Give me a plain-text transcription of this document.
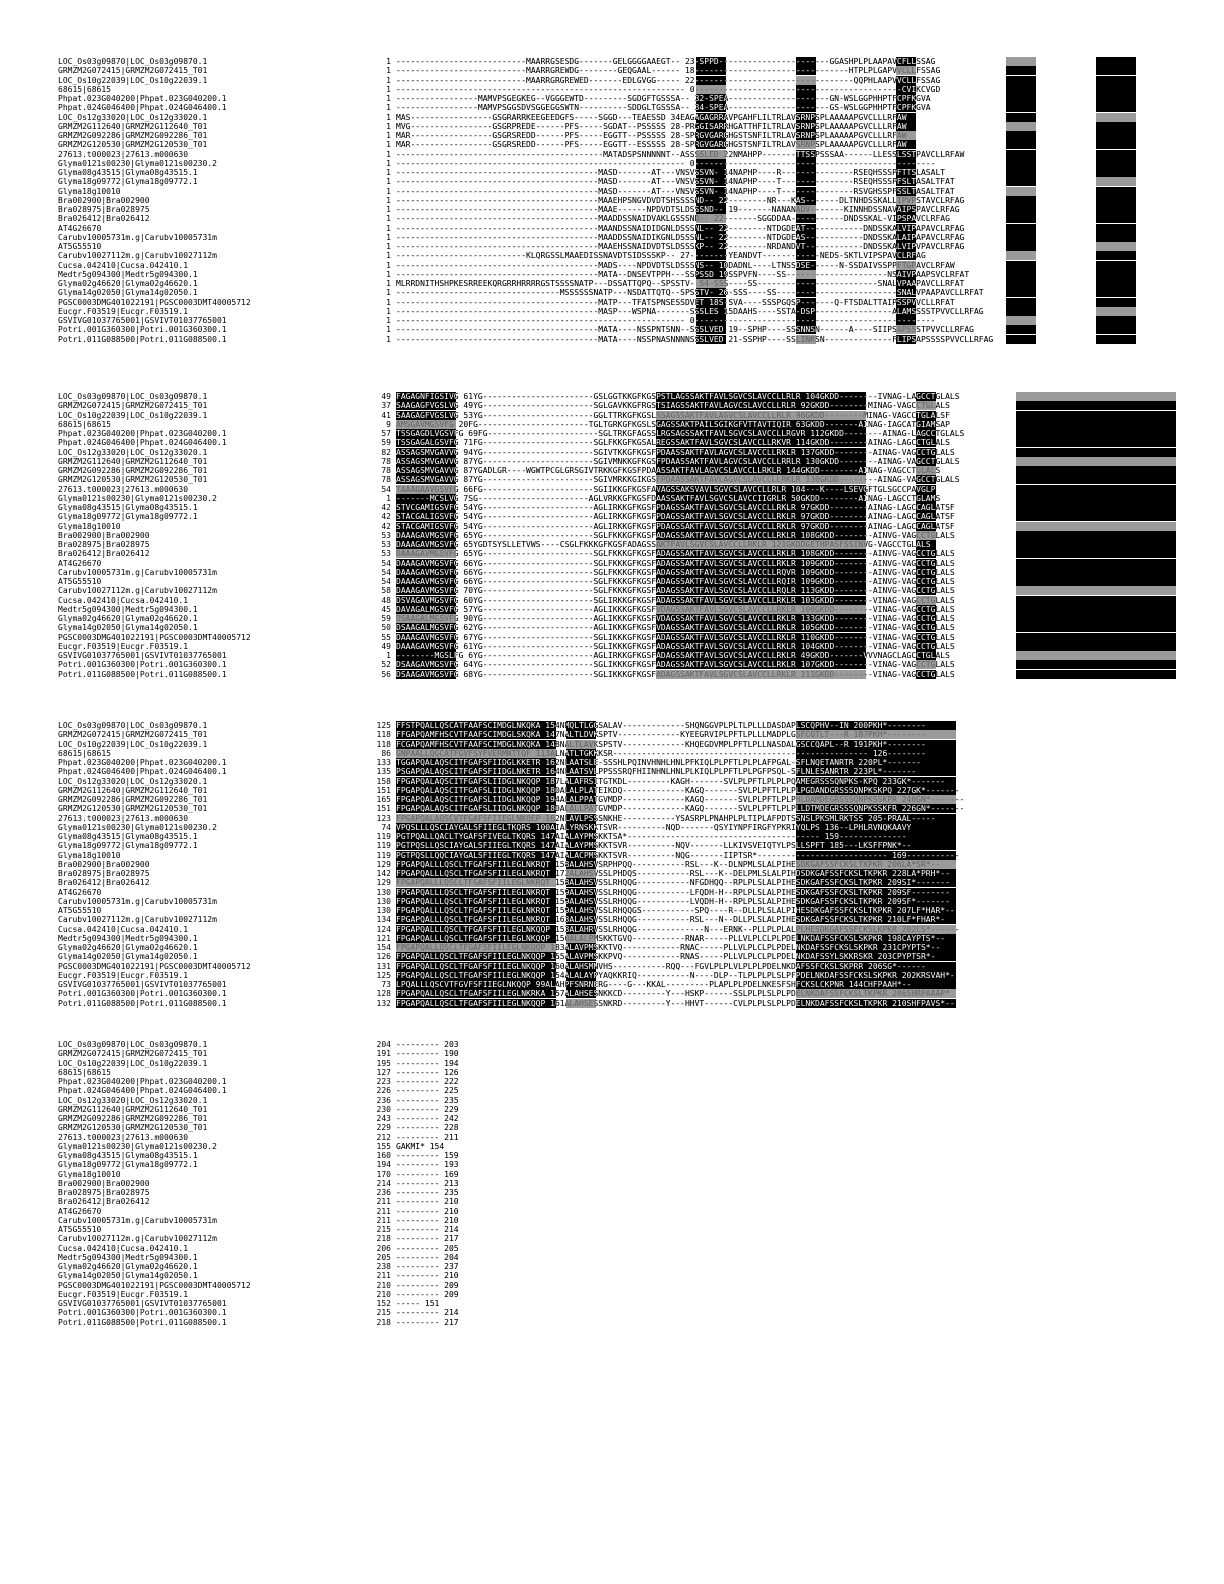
LOC_Os03g09870|LOC_Os03g09870.1	1 ---------------------------MAARRGSESDG-------GELGGGGAAEGT-- 23-SPPD-----------------------GGASHPLPLAAPAVCFLLSSAG
GRMZM2G072415|GRMZM2G072415_T01	1 ---------------------------MAARRGREWDG--------GEQGAAL------ 18--------------------------------HTPLPLGAPVVCLLFSSAG
LOC_Os10g22039|LOC_Os10g22039.1	1 ---------------------------MAARRGRGREWED-------EDLGVGG----- 22---------------------------------QQPHLAAPVVCLLFSSAG
68615|68615	1 ------------------------------------------------------------ 0-------------------------------------------CVIKCVGD
Phpat.023G040200|Phpat.023G040200.1	1 -----------------MAMVPSGEGKEG--VGGGEWTD---------SGDGFTGSSSA-- 32-SPEA---------------------GN-WSLGGPHHPTFCPFKGVA
Phpat.024G046400|Phpat.024G046400.1	1 -----------------MAMVPSGGSDVSGGEGGSWTN----------SDDGLTGSSSA-- 34-SPEA---------------------GS-WSLGGPHHPTFCPFKGVA
LOC_Os12g33020|LOC_Os12g33020.1	1 MAS-----------------GSGRARRKEEGEEDGFS-----SGGD---TEAESSD 34EAGAGAGRRAVPGAHFLILTRLAVSRNPSPLAAAAAPGVCLLLRFAW
GRMZM2G112640|GRMZM2G112640_T01	1 MVG-----------------GSGRPREDE------PFS-----SGDAT--PSSSSS 28-PRGGISARRHGATTHFILTRLAVSRNPSPLAAAAAPGVCLLLRFAW
GRMZM2G092286|GRMZM2G092286_T01	1 MAR-----------------GSGRSREDD------PFS-----EGGTT--PSSSSS 28-SPRGVGARGHGSTSNFILTRLAVSRNPSPLAAAAAPGVCLLLRFAW
GRMZM2G120530|GRMZM2G120530_T01	1 MAR-----------------GSGRSREDD------PFS-----EGGTT--ESSSSS 28-SPRGVGARGHGSTSNFILTRLAVSRNPSPLAAAAAPGVCLLLRFAW
27613.t000023|27613.m000630	1 -------------------------------------------MATADSPSNNNNNT--ASSSSLED 22NMAHPP-------TTSSPSSSAA------LLESSLSSTPAVCLLRFAW
Glyma0121s00230|Glyma0121s00230.2	1 ------------------------------------------------------------ 0--------------------------------------------------
Glyma08g43515|Glyma08g43515.1	1 ------------------------------------------MASD-------AT---VNSVSSVN- 14NAPHP----R---------------RSEQHSSSPFTTSLASALT
Glyma18g09772|Glyma18g09772.1	1 ------------------------------------------MASD-------AT---VNSVSSVN- 14NAPHP----T---------------RSEQHSSSPFSLTASALTFAT
Glyma18g10010	1 ------------------------------------------MASD-------AT---VNSVSSVN- 14NAPHP----T---------------RSVGHSSPFSSLTASALTFAT
Bra002900|Bra002900	1 ------------------------------------------MAAEHPSNGVDVDTSHSSSSND-- 22--------NR---KAS-------DLTNHDSSKALLIPVPSTAVCLRFAG
Bra028975|Bra028975	1 ------------------------------------------MAAE------NPDVDTSLDSSSND-- 19-------NANANADV-------KINNHDSSNAVAIPSPAVCLRFAG
Bra026412|Bra026412	1 ------------------------------------------MAADDSSNAIDVAKLGSSSND-- 22-------SGGDDAA-----------DNDSSKAL-VIPSPAVCLRFAG
AT4G26670	1 ------------------------------------------MAANDSSNAIDIDGNLDSSSNL-- 22--------NTDGDEAT------------DNDSSKALVIPAPAVCLRFAG
Carubv10005731m.g|Carubv10005731m	1 ------------------------------------------MAADDSSNAIDIKGNLDSSSNL-- 22--------NTDGDEAS------------DNDSSKALAIPAPAVCLRFAG
AT5G55510	1 ------------------------------------------MAAEHSSNAIDVDTSLDSSSKP-- 22--------NRDANDVT------------DNDSSKALVIPVPAVCLRFAG
Carubv10027112m.g|Carubv10027112m	1 ---------------------------KLQRGSSLMAAEDISSNAVDTSIDSSSKP-- 27--------YEANDVT------------NEDS-SKTLVIPSPAVCLRFAG
Cucsa.042410|Cucsa.042410.1	1 ------------------------------------------MADS----NPDVDTSLDSSSNS-- 10DADNL----LTNSSDSE------N-SSDAIVSSPPFTGPAVCLRFAW
Medtr5g094300|Medtr5g094300.1	1 ------------------------------------------MATA--DNSEVTPPH---SSPSSD 19SSPVFN----SS---------------------NSAIVPAAPSVCLRFAT
Glyma02g46620|Glyma02g46620.1	1 MLRRDNITHSHPKESRREEKQRGRRHRRRRGSTSSSSNATP---DSSATTQPQ--SPSSTV- 54-SSS----SS-------------------------SNALVPAAPAVCLLRFAT
Glyma14g02050|Glyma14g02050.1	1 ----------------------------------MSSSSSSNATP---NSDATTQTQ--SPSSTV- 26-SSS----SS-------------------------SNALVPAAPAVCLLRFAT
PGSC0003DMG401022191|PGSC0003DMT40005712	1 ------------------------------------------MATP---TFATSPNSESSDVET 18S-SVA----SSSPGQSP-------Q-FTSDALTTAIPSSPVVCLLRFAT
Eucgr.F03519|Eucgr.F03519.1	1 ------------------------------------------MASP---WSPNA-------SSSLES 15DAAHS----SSTA-DSP----------------ALAMSSSSTPVVCLLRFAG
GSVIVG01037765001|GSVIVT01037765001	1 ------------------------------------------------------------ 0--------------------------------------------------
Potri.001G360300|Potri.001G360300.1	1 ------------------------------------------MATA----NSSPNTSNN--SSSLVED 19--SPHP----SSSNNSN------A----SIIPSAPSSSTPVVCLLRFAG
Potri.011G088500|Potri.011G088500.1	1 ------------------------------------------MATA----NSSPNASNNNNSSSLVED 21-SSPHP----SSLINKSN--------------FLIPSAPSSSSPVVCLLRFAG
LOC_Os03g09870|LOC_Os03g09870.1	49 FAGAGNFIGSIVG 61YG-----------------------GSLGGTKKGFKGSPSTLAGSSAKTFAVLSGVCSLAVCCLLRLR 104GKDD--------IVNAG-LAGCCTGLALS
GRMZM2G072415|GRMZM2G072415_T01	37 SAAGAGFVGSLVG 49YG-----------------------SGLGAVKKGFRGSTSIAGSSAKTFAVLAGVCSLAVCCLLRLR 92GKDD--------MINAG-VAGCCTGLALS
LOC_Os10g22039|LOC_Os10g22039.1	41 SAAGAGFVGSLVG 53YG-----------------------GGLTTRKGFKGSLSSAGSSAKTFAVLAGVCSLAVCCLLRLR 96GKDD--------MINAG-VAGCCTGLALSF
68615|68615	9 AMSGAVMGSVFG 20FG-----------------------TGLTGRKGFKGSLSGAGSSAKTPAILSGIKGFVTTAVTIQIR 63GKDD-------AINAG-IAGCATGIAMSAP
Phpat.023G040200|Phpat.023G040200.1	57 TSSGAGDLVGSVFG 69FG-----------------------SGLTRKGFAGSSLRGSAGSSAKTFAVLSGVCSLAVCCLLRGVR 112GKDD--------AINAG-LAGCCTGLALS
Phpat.024G046400|Phpat.024G046400.1	59 TSSGAGALGSVFG 71FG-----------------------SGLFKKGFKGSALREGSSAKTFAVLSGVCSLAVCCLLRKVR 114GKDD--------AINAG-LAGCCTGLALS
LOC_Os12g33020|LOC_Os12g33020.1	82 ASSAGSMVGAVVG 94YG-----------------------SGIVTKKGFKGSFPDAASSAKTFAVLAGVCSLAVCCLLRKLR 137GKDD--------AINAG-VAGCCTGLALS
GRMZM2G112640|GRMZM2G112640_T01	78 ASSAGSMVGAVVG 87YG-----------------------SGIVMNKKGFKGSFPDAASSAKTFAVLAGVCSLAVCCLLRRLR 130GKDD--------AINAG-VAGCCTGLALS
GRMZM2G092286|GRMZM2G092286_T01	78 ASSAGSMVGAVVG 87YGADLGR----WGWTPCGLGRSGIVTRKKGFKGSFPDAASSAKTFAVLAGVCSLAVCCLLRKLR 144GKDD--------AINAG-VAGCCTGLALS
GRMZM2G120530|GRMZM2G120530_T01	78 ASSAGSMVGAVVG 87YG-----------------------SGIVMRKKGIKGSFPDAASSAKTFAVLAGVCSLAVCCLLRKLR 130GKDD--------AINAG-VAGCCTGLALS
27613.t000023|27613.m000630	54 TAAAGAAVGSVFG 66FG-----------------------SGIIKKGFKGSFAVAGSSAKSVAVLSGVCSLAVCCLLRLR 104---K----LSEVGFTGLSGCCPAVGLP
Glyma0121s00230|Glyma0121s00230.2	1 -------MCSLVG 7SG-----------------------AGLVRKKGFKGSFDAASSAKTFAVLSGVCSLAVCCIIGRLR 50GKDD--------AINAG-LAGCCTGLAMS
Glyma08g43515|Glyma08g43515.1	42 STVCGAMIGSVFG 54YG-----------------------AGLIRKKGFKGSFPDAGSSAKTFAVLSGVCSLAVCCLLRKLR 97GKDD--------AINAG-LAGCCAGLATSF
Glyma18g09772|Glyma18g09772.1	42 STACGALIGSVFG 54YG-----------------------AGLIRKKGFKGSFPDAGSSAKTFAVLSGVCSLAVCCLLRKLR 97GKDD--------AINAG-LAGCCAGLATSF
Glyma18g10010	42 STACGAMIGSVFG 54YG-----------------------AGLIRKKGFKGSFPDAGSSAKTFAVLSGVCSLAVCCLLRKLR 97GKDD--------AINAG-LAGCCAGLATSF
Bra002900|Bra002900	53 DAAAGAVMGSVFG 65YG-----------------------SGLFKKKGFKGSFADAGSSAKTFAVLSGVCSLAVCCLLRKLR 108GKDD--------AINVG-VAGCCTGLALS
Bra028975|Bra028975	53 DAAAGAVMGSVFG 65YGDTSYSLLETVWS----CSGLFKKKGFKGSFADAGSSAKTFAVLSGVCSLAVCCLLRKLR 121GKDDGETHPASFSSINVG-VAGCCTGLALS
Bra026412|Bra026412	53 DAAAGAVMGSVFG 65YG-----------------------SGLFKKKGFKGSFADAGSSAKTFAVLSGVCSLAVCCLLRKLR 108GKDD--------AINVG-VAGCCTGLALS
AT4G26670	54 DAAAGAVMGSVFG 66YG-----------------------SGLFKKKGFKGSFADAGSSAKTFAVLSGVCSLAVCCLLRKLR 109GKDD--------AINVG-VAGCCTGLALS
Carubv10005731m.g|Carubv10005731m	54 DAAAGAVMGSVFG 66YG-----------------------SGLFKKKGFKGSFADAGSSAKTFAVLSGVCSLAVCCLLRQVR 109GKDD--------AINVG-VAGCCTGLALS
AT5G55510	54 DAAAGAVMGSVFG 66YG-----------------------SGLFKKKGFKGSFADAGSSAKTFAVLSGVCSLAVCCLLRQIR 109GKDD--------AINVG-VAGCCTGLALS
Carubv10027112m.g|Carubv10027112m	58 DAAAGAVMGSVFG 70YG-----------------------SGLFKKKGFKGSFADAGSSAKTFAVLSGVCSLAVCCLLRQLR 113GKDD--------AINVG-VAGCCTGLALS
Cucsa.042410|Cucsa.042410.1	48 DSVAGAVMGSVFG 60YG-----------------------SGLIRKKGFKGSFADAGSSAKTFAVLSGVCSLAVCCLLRKLR 103GKDD--------VINAG-VAGCCTGLALS
Medtr5g094300|Medtr5g094300.1	45 DAVAGALMGSVFG 57YG-----------------------AGLIKKKGFKGSFVDAGSSAKTFAVLSGVCSLAVCCLLRKLR 100GKDD--------VINAG-VAGCCTGLALS
Glyma02g46620|Glyma02g46620.1	59 DSAAGALMGSVFG 90YG-----------------------AGLIKKKGFKGSFVDAGSSAKTFAVLSGVCSLAVCCLLRKLR 133GKDD--------VINAG-VAGCCTGLALS
Glyma14g02050|Glyma14g02050.1	50 DSAAGALMGSVFG 62YG-----------------------AGLIKKKGFKGSFVDAGSSAKTFAVLSGVCSLAVCCLLRKLR 105GKDD--------VINAG-VAGCCTGLALS
PGSC0003DMG401022191|PGSC0003DMT40005712	55 DAAAGAVMGSVFG 67YG-----------------------SGLIKKKGFKGSFADAGSSAKTFAVLSGVCSLAVCCLLRKLR 110GKDD--------VINAG-VAGCCTGLALS
Eucgr.F03519|Eucgr.F03519.1	49 DAAAGAVMGSVFG 61YG-----------------------SGLIKKKGFKGSFADAGSSAKTFAVLSGVCSLAVCCLLRKLR 104GKDD--------VINAG-VAGCCTGLALS
GSVIVG01037765001|GSVIVT01037765001	1 --------MGSLFG 6YG-----------------------AGLIRKKGFKGSFADAGSSAKTFAVLSGVCSLAVCCLLRKLR 49GKDD-------VVVNAGCLAGCCTGLALS
Potri.001G360300|Potri.001G360300.1	52 DSAAGAVMGSVFG 64YG-----------------------SGLIKKKGFKGSFADAGSSAKTFAVLSGVCSLAVCCLLRKLR 107GKDD--------VINAG-VAGCCTGLALS
Potri.011G088500|Potri.011G088500.1	56 DSAAGAVMGSVFG 68YG-----------------------SGLIKKKGFKGSFADAGSSAKTFAVLSGVCSLAVCCLLRKLR 111GKDD--------VINAG-VAGCCTGLALS
LOC_Os03g09870|LOC_Os03g09870.1	125 FFSTPQALLQSCATFAAFSCIMDGLNKQKA 154NMQLTLGGSALAV-------------SHQNGGVPLPLTLPLLLDASDAPLSCQPHV--IN 200PKH*--------
GRMZM2G072415|GRMZM2G072415_T01	118 FFGAPQAMFHSCVTFAAFSCIMDGLSKQKA 147NALTLDVKSPTV-------------KYEEGRVIPLPFTLPLLLMADPLGSFCQTLT---R 187PKH*--------
LOC_Os10g22039|LOC_Os10g22039.1	118 FCGAPQAMFHSCVTFAAFSCIMDGLNKQKA 148NALTLAVKSPSTV-------------KHQEGDVMPLPFTLPLLNASDALGSCCQAPL--R 191PKH*--------
68615|68615	86 GNPAALLQGCATFGVFSYFVERMNTTQF 113ALNATLTGKKKSR----------------------------------------------------- 126--------
Phpat.023G040200|Phpat.023G040200.1	133 TGGAPQALAQSCITFGAFSFIIDGLKKETR 162NLAATSLE-SSSHLPQINVHNHLHNLPFKIQLPLPFTLPLPLAFPGAL-SFLNQETANRTR 220PL*-------
Phpat.024G046400|Phpat.024G046400.1	135 PSGAPQALAQSCITFGAFSFIIDGLNKETR 164NLAATSVLPPSSSRQFHIINHNLHNLPLKIQLPLPFTLPLPGFPSQL-SFLNLESANRTR 223PL*-------
LOC_Os12g33020|LOC_Os12g33020.1	158 FPGAPQALAQSCITFGAFSLIIDGLNKQQP 187LALAFRSITGTKDL---------KAGH-------SVLPLPFTLPLPLPQAMEGRSSSQNPKS-KPQ 233GK*-------
GRMZM2G112640|GRMZM2G112640_T01	151 FPGAPQALAQSCITFGAFSLIIDGLNKQQP 180ALALPLATEIKDQ-------------KAGQ-------SVLPLPFTLPLPLPGDANDGRSSSQNPKSKPQ 227GK*-------
GRMZM2G092286|GRMZM2G092286_T01	165 FPGAPQALAQSCITFGAFSLIIDGLNKQQP 194ALALPPATGVMDP-------------KAGQ-------SVLPLPFTLPLPHLDAMDEGRSSSQNPKSSKPR 240GN*-------
GRMZM2G120530|GRMZM2G120530_T01	151 FPGAPQALAQSCITFGAFSLIIDGLNKQQP 180ALALLPATGVMDP-------------KAGQ-------SVLPLPFTLPLPLLDTMDEGRSSSQNPKSSKFR 226GN*-------
27613.t000023|27613.m000630	123 FPGAPQALAQSCVTFGAFSFIIEGLNKQEP 162NLAVLPSSSNKHE-----------YSASRPLPNAHPLPLTIPLAFPDTSSNSLPKSMLRKTSS 205-PRAAL-----
Glyma0121s00230|Glyma0121s00230.2	74 VPQSLLLQSCIAYGALSFIIEGLTKQRS 100AIALYRNSKKTSVR----------NQD-------QSYIYNPFIRGFYPKRIYQLPS 136--LPHLRVNQKAAVY
Glyma08g43515|Glyma08g43515.1	119 PGTPQALLQACLTYGAFSFIVEGLTKQRS 147AIALAYPMSKKTSA*---------------------------------------- 159--------------
Glyma18g09772|Glyma18g09772.1	119 PGTPQSLLQSCIAYGALSFIIEGLTKQRS 147AIALAYPMSKKTSVR----------NQV-------LLKIVSVEIQTYLPSLLSPFT 185---LKSFFPNK*--
Glyma18g10010	119 PGTPQSLLQQCIAYGALSFIIEGLTKQRS 147AIALACPMSKKTSVR----------NQG-------IIPTSR*--------------------------- 169-----------
Bra002900|Bra002900	129 FPGAPQALLLQSCLTFGAFSFIILEGLNKRQT 158ALAHSVSRPHPQQ-----------RSL---K--DLNPMLSLALPIHESDKGAFSSFCKSLTKPKR 206LA*SR*--
Bra028975|Bra028975	142 FPGAPQALLLQSCLTFGAFSFIILEGLNKRQT 172ALAHSVSSLPHDQS-----------RSL---K--DELPMLSLALPIHDSDKGAFSSFCKSLTKPKR 228LA*PRH*--
Bra026412|Bra026412	129 FPGAPQALLLQSCLTFGAFSFIILEGLNKRQT 158ALAHSVSSLRHQQG-----------NFGDHQQ--RPLPLSLALPIHESDKGAFSSFCKSLTKPKR 209SI*-------
AT4G26670	130 FPGAPQALLLQSCLTFGAFSFIILEGLNKRQT 159ALAHSVSSLRHQQG-----------LFQDH-H--RPLPLSLALPIHESDKGAFSSFCKSLTKPKR 209SF--------
Carubv10005731m.g|Carubv10005731m	130 FPGAPQALLLQSCLTFGAFSFIILEGLNKRQT 159ALAHSVSSLRHQQG-----------LVQDH-H--RPLPLSLALPIHESDKGAFSSFCKSLTKPKR 209SF*-------
AT5G55510	130 FPGAPQALLLQSCLTFGAFSFIILEGLNKRQT 159ALAHSVSSLRHQQGS-----------SPQ----R--DLLPLSLALPIHESDKGAFSSFCKSLTKPKR 207LF*HAR*--
Carubv10027112m.g|Carubv10027112m	134 FPGAPQALLLQSCLTFGAFSFIILEGLNKRQT 163ALAHSVSSLRHQQG-----------RSL---N--DLLPLSLALPIHESDKGAFSSFCKSLTKPKR 210LF*FHAR*-
Cucsa.042410|Cucsa.042410.1	124 FPGAPQALLLQSCLTFGAFSFIILEGLNKQQP 153ALAHRVSSLRHQQG--------------N---ERNK--PLLPLPLALPLHESDKGAFSSFCKSLKPKR 202CS*------
Medtr5g094300|Medtr5g094300.1	121 FPGAPQALLLQSCLTFGAFSFIILEGLNKQQP 150ALALPMSKKTGVQ-----------RNAR-----PLLVLPLCLPLPDELNKDAFSSFCKSLSKPKR 198CAYPTS*--
Glyma02g46620|Glyma02g46620.1	154 FPGAPQALLQSCLTFGAFSFIILEGLNKQQP 183ALAVPMSKKTVQ------------RNAC-----PLLVLPLCLPLPDELNKDAFSSFCKSLSKPKR 231CPYPTS*--
Glyma14g02050|Glyma14g02050.1	126 FPGAPQALLQSCLTFGAFSFIILEGLNKQQP 155ALAVPMSKKPVQ------------RNAS-----PLLVLPLCLPLPDELNKDAFSSYLSKKRSKR 203CPYPTSR*-
PGSC0003DMG401022191|PGSC0003DMT40005712	131 FPGAPQALLQSCLTFGAFSFIILEGLNKQQP 160ALAHSMNVHS-----------RQQ---FGVLPLPLVLPLPLPDELNKDAFSSFCKSLSKPRR 206SG*------
Eucgr.F03519|Eucgr.F03519.1	125 FPGAPQALLQSCLTFGAFSFIILEGLNKQQP 154ALALAYPYAQKKRIQ-----------N----DLP--TLPLPLPLSLPFPDELNKDAFSSFCKSLSKPKR 202KRSVAH*-
GSVIVG01037765001|GSVIVT01037765001	73 LPQALLLQSCVTFGVFSFIIEGLNKQQP 99ALAHPFSNRNERG----G---KKAL---------PLAPLPLPDELNKESFSHFCKSLCKPNR 144CHFPAAH*--
Potri.001G360300|Potri.001G360300.1	128 FPGAPQALLQSCLTFGAFSFIILEGLNKRKA 157ALAHSESNKKCD---------Y---HSKP------SSLPLPLSLPLPDELNKDAFSSFCKSLTKPKR 206SHRPAAAP*
Potri.011G088500|Potri.011G088500.1	132 FPGAPQALLQSCLTFGAFSFIILEGLNKQQP 161ALAHSESSNKRD---------Y---HHVT------CVLPLPLSLPLPDELNKDAFSSFCKSLTKPKR 210SHFPAVS*--
LOC_Os03g09870|LOC_Os03g09870.1	204 --------- 203
GRMZM2G072415|GRMZM2G072415_T01	191 --------- 190
LOC_Os10g22039|LOC_Os10g22039.1	195 --------- 194
68615|68615	127 --------- 126
Phpat.023G040200|Phpat.023G040200.1	223 --------- 222
Phpat.024G046400|Phpat.024G046400.1	226 --------- 225
LOC_Os12g33020|LOC_Os12g33020.1	236 --------- 235
GRMZM2G112640|GRMZM2G112640_T01	230 --------- 229
GRMZM2G092286|GRMZM2G092286_T01	243 --------- 242
GRMZM2G120530|GRMZM2G120530_T01	229 --------- 228
27613.t000023|27613.m000630	212 --------- 211
Glyma0121s00230|Glyma0121s00230.2	155 GAKMI* 154
Glyma08g43515|Glyma08g43515.1	160 --------- 159
Glyma18g09772|Glyma18g09772.1	194 --------- 193
Glyma18g10010	170 --------- 169
Bra002900|Bra002900	214 --------- 213
Bra028975|Bra028975	236 --------- 235
Bra026412|Bra026412	211 --------- 210
AT4G26670	211 --------- 210
Carubv10005731m.g|Carubv10005731m	211 --------- 210
AT5G55510	215 --------- 214
Carubv10027112m.g|Carubv10027112m	218 --------- 217
Cucsa.042410|Cucsa.042410.1	206 --------- 205
Medtr5g094300|Medtr5g094300.1	205 --------- 204
Glyma02g46620|Glyma02g46620.1	238 --------- 237
Glyma14g02050|Glyma14g02050.1	211 --------- 210
PGSC0003DMG401022191|PGSC0003DMT40005712	210 --------- 209
Eucgr.F03519|Eucgr.F03519.1	210 --------- 209
GSVIVG01037765001|GSVIVT01037765001	152 ----- 151
Potri.001G360300|Potri.001G360300.1	215 --------- 214
Potri.011G088500|Potri.011G088500.1	218 --------- 217
